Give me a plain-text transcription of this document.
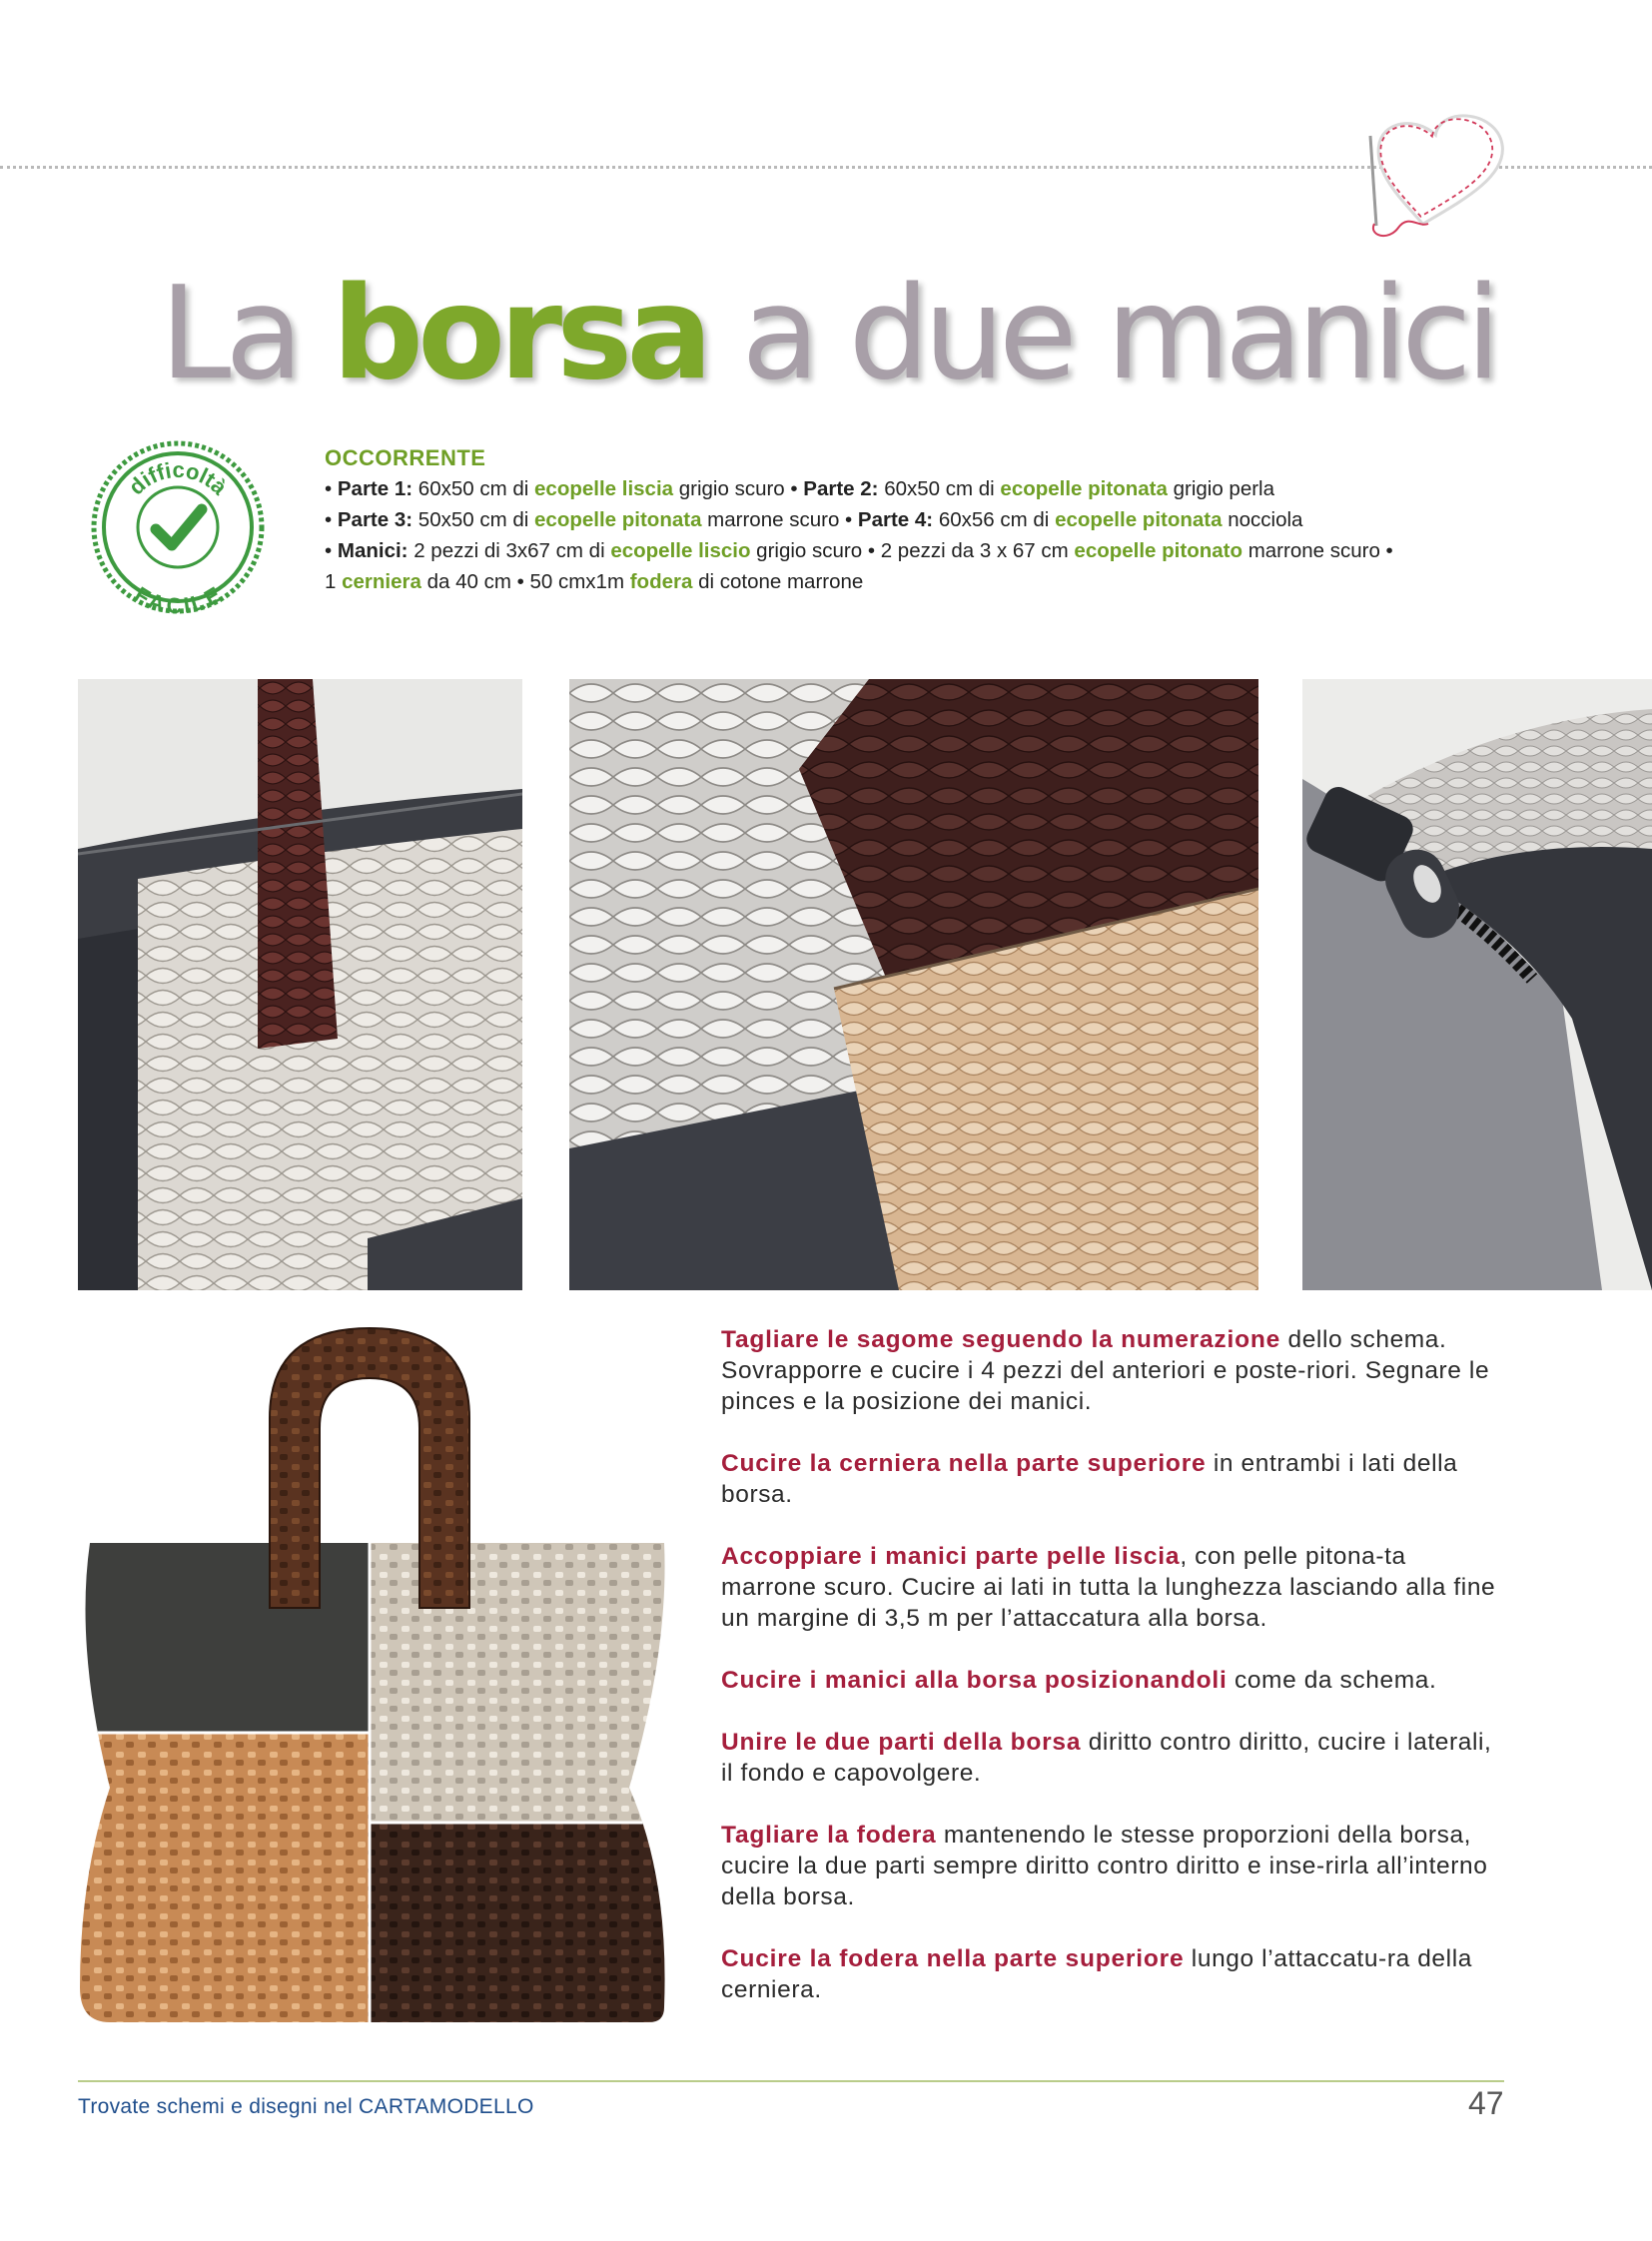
La borsa a due manici
difficoltà
FACILE
OCCORRENTE
• Parte 1: 60x50 cm di ecopelle liscia grigio scuro • Parte 2: 60x50 cm di ecopelle pitonata grigio perla
• Parte 3: 50x50 cm di ecopelle pitonata marrone scuro • Parte 4: 60x56 cm di ecopelle pitonata nocciola
• Manici: 2 pezzi di 3x67 cm di ecopelle liscio grigio scuro • 2 pezzi da 3 x 67 cm ecopelle pitonato marrone scuro •
1 cerniera da 40 cm • 50 cmx1m fodera di cotone marrone

Tagliare le sagome seguendo la numerazione dello schema. Sovrapporre e cucire i 4 pezzi del anteriori e poste-riori. Segnare le pinces e la posizione dei manici.

Cucire la cerniera nella parte superiore in entrambi i lati della borsa.

Accoppiare i manici parte pelle liscia, con pelle pitona-ta marrone scuro. Cucire ai lati in tutta la lunghezza lasciando alla fine un margine di 3,5 m per l’attaccatura alla borsa.

Cucire i manici alla borsa posizionandoli come da schema.

Unire le due parti della borsa diritto contro diritto, cucire i laterali, il fondo e capovolgere.

Tagliare la fodera mantenendo le stesse proporzioni della borsa, cucire la due parti sempre diritto contro diritto e inse-rirla all’interno della borsa.

Cucire la fodera nella parte superiore lungo l’attaccatu-ra della cerniera.

Trovate schemi e disegni nel CARTAMODELLO	47
